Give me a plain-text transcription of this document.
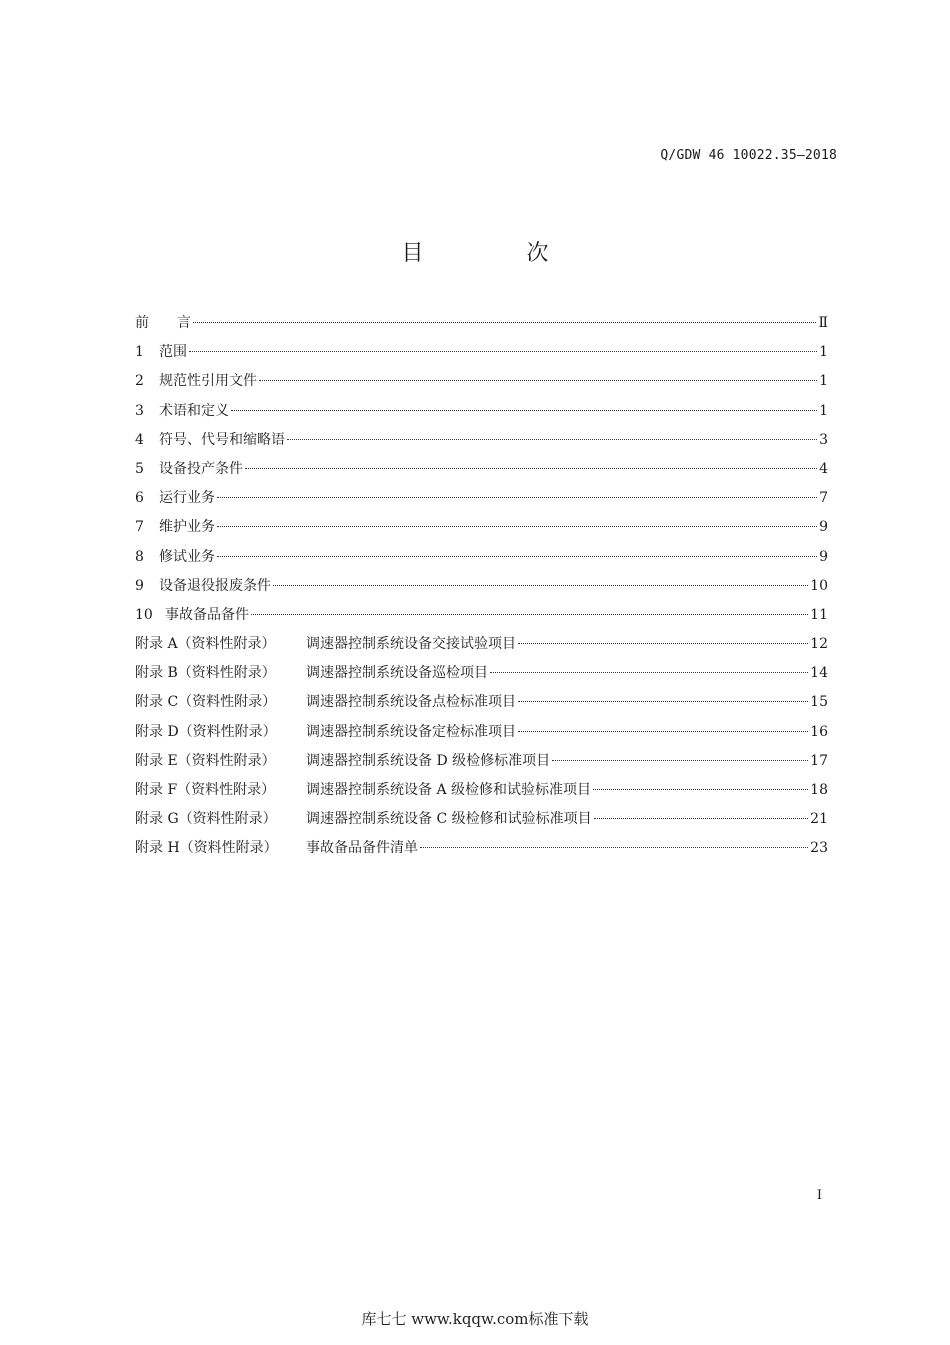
Q/GDW 46 10022.35—2018
目 次
前　　言	Ⅱ
1 范围	1
2 规范性引用文件	1
3 术语和定义	1
4 符号、代号和缩略语	3
5 设备投产条件	4
6 运行业务	7
7 维护业务	9
8 修试业务	9
9 设备退役报废条件	10
10 事故备品备件	11
附录 A（资料性附录） 调速器控制系统设备交接试验项目	12
附录 B（资料性附录） 调速器控制系统设备巡检项目	14
附录 C（资料性附录） 调速器控制系统设备点检标准项目	15
附录 D（资料性附录） 调速器控制系统设备定检标准项目	16
附录 E（资料性附录） 调速器控制系统设备 D 级检修标准项目	17
附录 F（资料性附录） 调速器控制系统设备 A 级检修和试验标准项目	18
附录 G（资料性附录） 调速器控制系统设备 C 级检修和试验标准项目	21
附录 H（资料性附录） 事故备品备件清单	23
I
库七七 www.kqqw.com标准下载
